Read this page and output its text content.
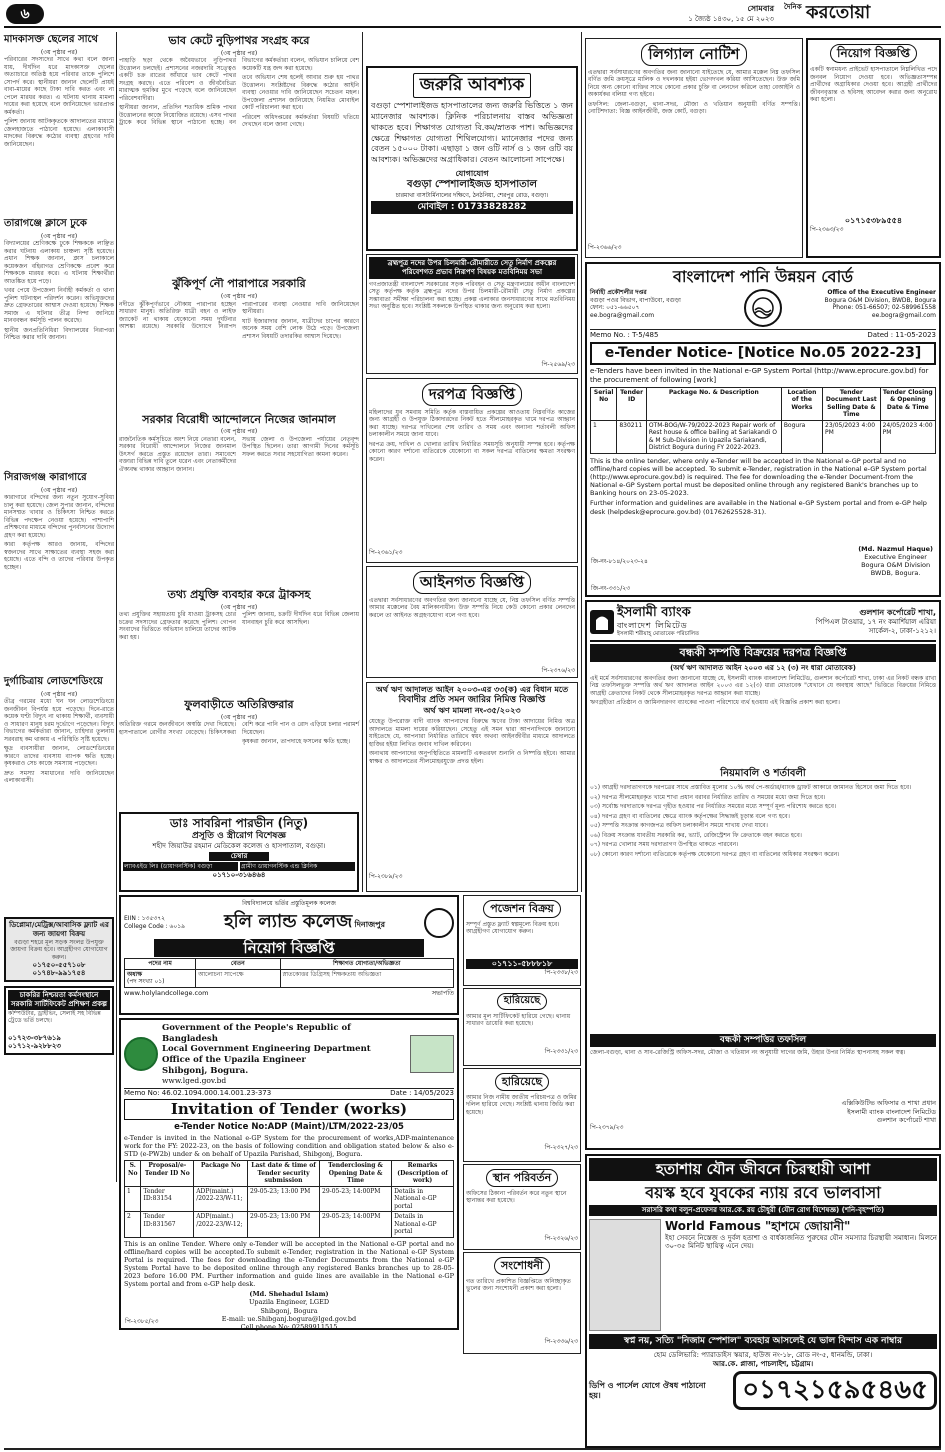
৬	সোমবার
১ জ্যৈষ্ঠ ১৪৩০, ১৫ মে ২০২৩
দৈনিক করতোয়া
মাদকাসক্ত ছেলের সাথে
(৩য় পৃষ্ঠার পর)

পরিবারের সদস্যদের সাথে কথা বলে জানা যায়, দীর্ঘদিন ধরে মাদকাসক্ত ছেলের অত্যাচারে অতিষ্ঠ হয়ে পরিবার তাকে পুলিশে সোপর্দ করে। স্থানীয়রা জানান ছেলেটি প্রায়ই বাবা-মায়ের কাছে টাকা দাবি করত এবং না পেলে মারধর করত। এ ঘটনায় থানায় মামলা দায়ের করা হয়েছে বলে জানিয়েছেন ভারপ্রাপ্ত কর্মকর্তা।

পুলিশ জানায় আটককৃতকে আদালতের মাধ্যমে জেলহাজতে পাঠানো হয়েছে। এলাকাবাসী মাদকের বিরুদ্ধে কঠোর ব্যবস্থা গ্রহণের দাবি জানিয়েছেন।

তারাগঞ্জে ক্লাসে ঢুকে
(৩য় পৃষ্ঠার পর)

বিদ্যালয়ের শ্রেণিকক্ষে ঢুকে শিক্ষককে লাঞ্ছিত করার ঘটনায় এলাকায় চাঞ্চল্য সৃষ্টি হয়েছে। প্রধান শিক্ষক জানান, ক্লাস চলাকালে কয়েকজন বহিরাগত শ্রেণিকক্ষে প্রবেশ করে শিক্ষককে মারধর করে। এ ঘটনায় শিক্ষার্থীরা আতঙ্কিত হয়ে পড়ে।

খবর পেয়ে উপজেলা নির্বাহী কর্মকর্তা ও থানা পুলিশ ঘটনাস্থল পরিদর্শন করেন। অভিযুক্তদের দ্রুত গ্রেফতারের আশ্বাস দেওয়া হয়েছে। শিক্ষক সমাজ এ ঘটনার তীব্র নিন্দা জানিয়ে মানববন্ধন কর্মসূচি পালন করেছে।

স্থানীয় জনপ্রতিনিধিরা বিদ্যালয়ের নিরাপত্তা নিশ্চিত করার দাবি জানান।

সিরাজগঞ্জ কারাগারে
(৩য় পৃষ্ঠার পর)

কারাগারে বন্দিদের জন্য নতুন সুযোগ-সুবিধা চালু করা হয়েছে। জেল সুপার জানান, বন্দিদের মানসম্মত খাবার ও চিকিৎসা নিশ্চিত করতে বিভিন্ন পদক্ষেপ নেওয়া হয়েছে। পাশাপাশি প্রশিক্ষণের মাধ্যমে বন্দিদের পুনর্বাসনের উদ্যোগ গ্রহণ করা হয়েছে।

কারা কর্তৃপক্ষ আরও জানায়, বন্দিদের স্বজনদের সাথে সাক্ষাতের ব্যবস্থা সহজ করা হয়েছে। এতে বন্দি ও তাদের পরিবার উপকৃত হচ্ছেন।

দুর্গাচিত্রায় লোডশেডিংয়ে
(৩য় পৃষ্ঠার পর)

তীব্র গরমের মধ্যে ঘন ঘন লোডশেডিংয়ে জনজীবন বিপর্যস্ত হয়ে পড়েছে। দিনে-রাতে কয়েক ঘণ্টা বিদ্যুৎ না থাকায় শিক্ষার্থী, ব্যবসায়ী ও সাধারণ মানুষ চরম দুর্ভোগে পড়েছেন। বিদ্যুৎ বিভাগের কর্মকর্তারা জানান, চাহিদার তুলনায় সরবরাহ কম থাকায় এ পরিস্থিতি সৃষ্টি হয়েছে।

ক্ষুদ্র ব্যবসায়ীরা জানান, লোডশেডিংয়ের কারণে তাদের ব্যবসায় ব্যাপক ক্ষতি হচ্ছে। কৃষকরাও সেচ কাজে সমস্যায় পড়েছেন।

দ্রুত সমস্যা সমাধানের দাবি জানিয়েছেন এলাকাবাসী।

ডিপ্লোমা/মেট্রিক্স/আবাসিক ফ্ল্যাট এর জন্য জায়গা বিক্রয়
বগুড়া শহরে মূল সড়ক সংলগ্ন উপযুক্ত জায়গা বিক্রয় হবে। আগ্রহীগণ যোগাযোগ করুন।
০১৭৫০-৫৫৭১০৮
০১৭৪৮-৯৯১৭৫৪
চাকরির নিশ্চয়তা কর্মসংস্থানে সরকারি সার্টিফিকেট প্রশিক্ষণ প্রকল্প
কম্পিউটার, ড্রাইভিং, সেলাই সহ বিভিন্ন ট্রেডে ভর্তি চলছে।
০১৭২৩-৩৮৭৬১৯
০১৭১২-৯২৮৮২৩
ভাব কেটে নুড়িপাথর সংগ্রহ করে
(৩য় পৃষ্ঠার পর)

পাহাড়ি ছড়া থেকে অবৈধভাবে নুড়িপাথর উত্তোলন চলছেই। প্রশাসনের নজরদারি সত্ত্বেও একটি চক্র রাতের আঁধারে ভাব কেটে পাথর সংগ্রহ করছে। এতে পরিবেশ ও জীববৈচিত্র্য মারাত্মক হুমকির মুখে পড়েছে বলে জানিয়েছেন পরিবেশবাদীরা।

স্থানীয়রা জানান, প্রতিদিন শতাধিক শ্রমিক পাথর উত্তোলনের কাজে নিয়োজিত রয়েছে। এসব পাথর ট্রাকে করে বিভিন্ন স্থানে পাঠানো হচ্ছে। বন বিভাগের কর্মকর্তারা বলেন, অভিযান চালিয়ে বেশ কয়েকটি যন্ত্র জব্দ করা হয়েছে।

তবে অভিযান শেষ হলেই আবার শুরু হয় পাথর উত্তোলন। সংশ্লিষ্টদের বিরুদ্ধে কঠোর আইনি ব্যবস্থা নেওয়ার দাবি জানিয়েছেন সচেতন মহল। উপজেলা প্রশাসন জানিয়েছে নিয়মিত মোবাইল কোর্ট পরিচালনা করা হবে।

পরিবেশ অধিদপ্তরের কর্মকর্তারা বিষয়টি খতিয়ে দেখছেন বলে জানা গেছে।

ঝুঁকিপূর্ণ নৌ পারাপারে সরকারি
(৩য় পৃষ্ঠার পর)

নদীতে ঝুঁকিপূর্ণভাবে নৌকায় পারাপার হচ্ছেন সাধারণ মানুষ। অতিরিক্ত যাত্রী বহন ও লাইফ জ্যাকেট না থাকায় যেকোনো সময় দুর্ঘটনার আশঙ্কা রয়েছে। সরকারি উদ্যোগে নিরাপদ পারাপারের ব্যবস্থা নেওয়ার দাবি জানিয়েছেন স্থানীয়রা।

ঘাট ইজারাদার জানান, যাত্রীদের চাপের কারণে অনেক সময় বেশি লোক উঠে পড়ে। উপজেলা প্রশাসন বিষয়টি তদারকির আশ্বাস দিয়েছে।

সরকার বিরোধী আন্দোলনে নিজের জানমাল
(৩য় পৃষ্ঠার পর)

রাজনৈতিক কর্মসূচিতে অংশ নিয়ে নেতারা বলেন, সরকার বিরোধী আন্দোলনে নিজের জানমাল উৎসর্গ করতে প্রস্তুত রয়েছেন তারা। সমাবেশে বক্তারা বিভিন্ন দাবি তুলে ধরেন এবং নেতাকর্মীদের ঐক্যবদ্ধ থাকার আহ্বান জানান।

সভায় জেলা ও উপজেলা পর্যায়ের নেতৃবৃন্দ উপস্থিত ছিলেন। তারা আগামী দিনের কর্মসূচি সফল করতে সবার সহযোগিতা কামনা করেন।

তথ্য প্রযুক্তি ব্যবহার করে ট্রাকসহ
(৩য় পৃষ্ঠার পর)

তথ্য প্রযুক্তির সহায়তায় চুরি যাওয়া ট্রাকসহ চোর চক্রের সদস্যদের গ্রেফতার করেছে পুলিশ। গোপন সংবাদের ভিত্তিতে অভিযান চালিয়ে তাদের আটক করা হয়।

পুলিশ জানায়, চক্রটি দীর্ঘদিন ধরে বিভিন্ন জেলায় যানবাহন চুরি করে আসছিল।

ফুলবাড়ীতে অতিরিক্তরার
(৩য় পৃষ্ঠার পর)

অতিরিক্ত গরমে জনজীবনে অস্বস্তি দেখা দিয়েছে। হাসপাতালে রোগীর সংখ্যা বেড়েছে। চিকিৎসকরা বেশি করে পানি পান ও রোদ এড়িয়ে চলার পরামর্শ দিয়েছেন।

কৃষকরা জানান, তাপদাহে ফসলের ক্ষতি হচ্ছে।

ডাঃ সাবরিনা পারভীন (নিতু)
প্রসূতি ও স্ত্রীরোগ বিশেষজ্ঞ
শহীদ জিয়াউর রহমান মেডিকেল কলেজ ও হাসপাতাল, বগুড়া।
চেম্বার
ল্যাবএইড লিঃ (ডায়াগনস্টিক) বগুড়া	গ্রামীণ ডায়াগনস্টিক এন্ড ক্লিনিক
০১৭১০-৩১৬৪৬৪
জরুরি আবশ্যক
বগুড়া স্পেশালাইজড হাসপাতালের জন্য জরুরি ভিত্তিতে ১ জন ম্যানেজার আবশ্যক। ক্লিনিক পরিচালনায় বাস্তব অভিজ্ঞতা থাকতে হবে। শিক্ষাগত যোগ্যতা বি.কম/স্নাতক পাশ। অভিজ্ঞদের ক্ষেত্রে শিক্ষাগত যোগ্যতা শিথিলযোগ্য। ম্যানেজার পদের জন্য বেতন ১৫০০০ টাকা। এছাড়া ১ জন ওটি নার্স ও ১ জন ওটি বয় আবশ্যক। অভিজ্ঞদের অগ্রাধিকার। বেতন আলোচনা সাপেক্ষে।
যোগাযোগ
বগুড়া স্পেশালাইজড হাসপাতাল
চারমাথা বাসটার্মিনালের দক্ষিণে, ঠনঠনিয়া, শেরপুর রোড, বগুড়া।
মোবাইল : 01733828282
ব্রহ্মপুত্র নদের উপর চিলমারী-রৌমারীতে সেতু নির্মাণ প্রকল্পের পরিবেশগত প্রভাব নিরূপণ বিষয়ক মতবিনিময় সভা

গণপ্রজাতন্ত্রী বাংলাদেশ সরকারের সড়ক পরিবহন ও সেতু মন্ত্রণালয়ের অধীন বাংলাদেশ সেতু কর্তৃপক্ষ কর্তৃক ব্রহ্মপুত্র নদের উপর চিলমারী-রৌমারী সেতু নির্মাণ প্রকল্পের সম্ভাব্যতা সমীক্ষা পরিচালনা করা হচ্ছে। প্রকল্প এলাকার জনসাধারণের সাথে মতবিনিময় সভা অনুষ্ঠিত হবে। সংশ্লিষ্ট সকলকে উপস্থিত থাকার জন্য অনুরোধ করা হলো।

পি-২৫৬৯/২৩
দরপত্র বিজ্ঞপ্তি

মহিলাদের যুব সমবায় সমিতি কর্তৃক বাস্তবায়িত প্রকল্পের আওতায় নিম্নবর্ণিত কাজের জন্য আগ্রহী ও উপযুক্ত ঠিকাদারদের নিকট হতে সীলমোহরকৃত খামে দরপত্র আহ্বান করা যাচ্ছে। দরপত্র দাখিলের শেষ তারিখ ও সময় এবং অন্যান্য শর্তাবলী অফিস চলাকালীন সময়ে জানা যাবে।

দরপত্র ক্রয়, দাখিল ও খোলার তারিখ নির্ধারিত সময়সূচি অনুযায়ী সম্পন্ন হবে। কর্তৃপক্ষ কোনো কারণ দর্শানো ব্যতিরেকে যেকোনো বা সকল দরপত্র বাতিলের ক্ষমতা সংরক্ষণ করেন।

পি-২৩৬১/২৩
আইনগত বিজ্ঞপ্তি

এতদ্বারা সর্বসাধারণের অবগতির জন্য জানানো যাচ্ছে যে, নিম্ন তফসিল বর্ণিত সম্পত্তি আমার মক্কেলের বৈধ মালিকানাধীন। উক্ত সম্পত্তি নিয়ে কেউ কোনো প্রকার লেনদেন করলে তা আইনত অগ্রহণযোগ্য বলে গণ্য হবে।

পি-২৩৭৬/২৩
অর্থ ঋণ আদালত আইন ২০০৩-এর ৩৩(ক) এর বিধান মতে
বিবাদীর প্রতি সমন জারির নিমিত্ত বিজ্ঞপ্তি
অর্থ ঋণ মামলা নং-৩৫/২০২৩

যেহেতু উপরোক্ত বাদী ব্যাংক আপনাদের বিরুদ্ধে ঋণের টাকা আদায়ের নিমিত্ত অত্র আদালতে মামলা দায়ের করিয়াছেন। সেহেতু এই সমন দ্বারা আপনাদিগকে জানানো যাইতেছে যে, আপনারা নির্ধারিত তারিখে স্বয়ং অথবা আইনজীবীর মাধ্যমে আদালতে হাজির হইয়া লিখিত জবাব দাখিল করিবেন।

অন্যথায় আপনাদের অনুপস্থিতিতে মামলাটি একতরফা শুনানি ও নিষ্পত্তি হইবে। আমার স্বাক্ষর ও আদালতের সীলমোহরযুক্তে প্রদত্ত হইল।

পি-২৩৮৯/২৩
লিগ্যাল নোটিশ

এতদ্বারা সর্বসাধারণের অবগতির জন্য জানানো যাইতেছে যে, আমার মক্কেল নিম্ন তফসিল বর্ণিত জমি ক্রয়সূত্রে মালিক ও দখলকার হইয়া ভোগদখল করিয়া আসিতেছেন। উক্ত জমি নিয়ে অন্য কোনো ব্যক্তির সাথে কোনো প্রকার চুক্তি বা লেনদেন করিলে তাহা বেআইনি ও অকার্যকর বলিয়া গণ্য হইবে।

তফসিল: জেলা-বগুড়া, থানা-সদর, মৌজা ও খতিয়ান অনুযায়ী বর্ণিত সম্পত্তি। নোটিশদাতা: বিজ্ঞ আইনজীবী, জজ কোর্ট, বগুড়া।

পি-২৩৬৬/২৩
নিয়োগ বিজ্ঞপ্তি

একটি স্বনামধন্য প্রাইভেট হাসপাতালে নিম্নলিখিত পদে জনবল নিয়োগ দেওয়া হবে। অভিজ্ঞতাসম্পন্ন প্রার্থীদের অগ্রাধিকার দেওয়া হবে। আগ্রহী প্রার্থীদের জীবনবৃত্তান্ত ও ছবিসহ আবেদন করার জন্য অনুরোধ করা হলো।

০১৭১৫৩৮৯৫৫৪
পি-২৩৬৩/২৩
বাংলাদেশ পানি উন্নয়ন বোর্ড
নির্বাহী প্রকৌশলীর দপ্তর
বগুড়া পওর বিভাগ, বাপাউবো, বগুড়া
ফোন: ০৫১-৬৬৫০৭
ee.bogra@gmail.com
Office of the Executive Engineer
Bogura O&M Division, BWDB, Bogura
Phone: 051-66507; 02-589961558
ee.bogra@gmail.com
Memo No. : T-5/485	Dated : 11-05-2023
e-Tender Notice- [Notice No.05 2022-23]
e-Tenders have been invited in the National e-GP System Portal (http://www.eprocure.gov.bd) for the procurement of following [work]
Serial No	Tender ID	Package No. & Description	Location of the Works	Tender Document Last Selling Date & Time	Tender Closing & Opening Date & Time
1	830211	OTM-BOG/W-79/2022-2023 Repair work of Rest house & office bailing at Sariakandi O & M Sub-Division in Upazila Sariakandi, District Bogura during FY 2022-2023.	Bogura	23/05/2023 4:00 PM	24/05/2023 4:00 PM
This is the online tender, where only e-Tender will be accepted in the National e-GP portal and no offline/hard copies will be accepted. To submit e-Tender, registration in the National e-GP System portal (http://www.eprocure.gov.bd) is required. The fee for downloading the e-Tender Document-from the National e-GP System portal must be deposited online through any registered Bank's branches up to Banking hours on 23-05-2023.
Further information and guidelines are available in the National e-GP System portal and from e-GP help desk (helpdesk@eprocure.gov.bd) (01762625528-31).
(Md. Nazmul Haque)
Executive Engineer
Bogura O&M Division
BWDB, Bogura.
জি-নং-৮১৪/২০২৩-২৪
জি-নং-৩৩১/২৩
ইসলামী ব্যাংক
বাংলাদেশ লিমিটেড
ইসলামী শরীয়াহ্ মোতাবেক পরিচালিত
গুলশান কর্পোরেট শাখা,
পিপিএল টাওয়ার, ১৭ নং কমার্শিয়াল এরিয়া
সার্কেল-২, ঢাকা-১২১২।
বন্ধকী সম্পত্তি বিক্রয়ের দরপত্র বিজ্ঞপ্তি
(অর্থ ঋণ আদালত আইন ২০০৩ এর ১২ (৩) নং ধারা মোতাবেক)

এই মর্মে সর্বসাধারণের অবগতির জন্য জানানো যাচ্ছে যে, ইসলামী ব্যাংক বাংলাদেশ লিমিটেড, গুলশান কর্পোরেট শাখা, ঢাকা এর নিকট বন্ধক রাখা নিম্ন তফসিলভুক্ত সম্পত্তি অর্থ ঋণ আদালত আইন ২০০৩ এর ১২(৩) ধারা মোতাবেক "যেখানে যে অবস্থায় আছে" ভিত্তিতে বিক্রয়ের নিমিত্তে আগ্রহী ক্রেতাদের নিকট থেকে সীলমোহরকৃত দরপত্র আহ্বান করা যাচ্ছে।

ঋণগ্রহীতা প্রতিষ্ঠান ও জামিনদারগণ ব্যাংকের পাওনা পরিশোধে ব্যর্থ হওয়ায় এই বিজ্ঞপ্তি প্রকাশ করা হলো।

নিয়মাবলি ও শর্তাবলী

০১) আগ্রহী দরদাতাগণকে দরপত্রের সাথে প্রস্তাবিত মূল্যের ১০% অর্থ পে-অর্ডার/ব্যাংক ড্রাফট আকারে জামানত হিসেবে জমা দিতে হবে।

০২) দরপত্র সীলমোহরকৃত খামে শাখা প্রধান বরাবর নির্ধারিত তারিখ ও সময়ের মধ্যে জমা দিতে হবে।

০৩) সর্বোচ্চ দরদাতাকে দরপত্র গৃহীত হওয়ার পর নির্ধারিত সময়ের মধ্যে সম্পূর্ণ মূল্য পরিশোধ করতে হবে।

০৪) দরপত্র গ্রহণ বা বাতিলের ক্ষেত্রে ব্যাংক কর্তৃপক্ষের সিদ্ধান্তই চূড়ান্ত বলে গণ্য হবে।

০৫) সম্পত্তি সংক্রান্ত কাগজপত্র অফিস চলাকালীন সময়ে শাখায় দেখা যাবে।

০৬) বিক্রয় সংক্রান্ত যাবতীয় সরকারি কর, ভ্যাট, রেজিস্ট্রেশন ফি ক্রেতাকে বহন করতে হবে।

০৭) দরপত্র খোলার সময় দরদাতাগণ উপস্থিত থাকতে পারবেন।

০৮) কোনো কারণ দর্শানো ব্যতিরেকে কর্তৃপক্ষ যেকোনো দরপত্র গ্রহণ বা বাতিলের অধিকার সংরক্ষণ করেন।

বন্ধকী সম্পত্তির তফসিল

জেলা-বগুড়া, থানা ও সাব-রেজিস্ট্রি অফিস-সদর, মৌজা ও খতিয়ান নং অনুযায়ী দাগের জমি, উহার উপর নির্মিত স্থাপনাসহ সকল স্বত্ব।

এক্সিকিউটিভ অফিসার ও শাখা প্রধান
ইসলামী ব্যাংক বাংলাদেশ লিমিটেড
গুলশান কর্পোরেট শাখা
পি-২৩৭৯/২৩
বিশ্ববিদ্যালয়ে ভর্তির প্রস্তুতিমূলক কলেজ
EIIN : ১৩৫৩৭২
College Code : ৬০১৯ হলি ল্যান্ড কলেজ দিনাজপুর
নিয়োগ বিজ্ঞপ্তি
পদের নাম	বেতন	শিক্ষাগত যোগ্যতা/অভিজ্ঞতা
অধ্যক্ষ
(পদ সংখ্যা ০১)	আলোচনা সাপেক্ষে	স্নাতকোত্তর ডিগ্রিসহ শিক্ষকতায় অভিজ্ঞতা
www.holylandcollege.com	সভাপতি
Government of the People's Republic of Bangladesh
Local Government Engineering Department
Office of the Upazila Engineer
Shibgonj, Bogura.
www.lged.gov.bd
Memo No: 46.02.1094.000.14.001.23-373	Date : 14/05/2023
Invitation of Tender (works)
e-Tender Notice No:ADP (Maint)/LTM/2022-23/05
e-Tender is invited in the National e-GP System for the procurement of works,ADP-maintenance work for the FY: 2022-23, on the basis of following condition and obligation stated below & also e-STD (e-PW2b) under & on behalf of Upazila Parishad, Shibgonj, Bogura.
S. No	Proposal/e-Tender ID No	Package No	Last date & time of Tender security submission	Tenderclosing & Opening Date & Time	Remarks (Description of work)
1	Tender ID:83154	ADP(maint.) /2022-23/W-11;	29-05-23; 13:00 PM	29-05-23; 14:00PM	Details in National e-GP portal
2	Tender ID:831567	ADP(maint.) /2022-23/W-12;	29-05-23; 13:00 PM	29-05-23; 14:00PM	Details in National e-GP portal
This is an online Tender. Where only e-Tender will be accepted in the National e-GP portal and no offline/hard copies will be accepted.To submit e-Tender, registration in the National e-GP System Portal is required. The fees for downloading the e-Tender Documents from the National e-GP System Portal have to be deposited online through any registered Banks branches up to 28-05-2023 before 16.00 PM. Further information and guide lines are available in the National e-GP System portal and from e-GP help desk.
(Md. Shehadul Islam)
Upazila Engineer, LGED
Shibgonj, Bogura
E-mail: ue.Shibganj.bogura@lged.gov.bd
Cell phone No: 02589911515
পি-২৩৮৫/২৩
পজেশন বিক্রয়
সম্পূর্ণ প্রস্তুত ফ্ল্যাট স্বল্পমূল্যে বিক্রয় হবে। আগ্রহীগণ যোগাযোগ করুন।
০১৭১১-৫৮৮৮১৮
পি-২৩৩৮/২৩
হারিয়েছে
আমার মূল সার্টিফিকেট হারিয়ে গেছে। থানায় সাধারণ ডায়েরি করা হয়েছে।
পি-২৩৩১/২৩
হারিয়েছে
আমার নিজ নামীয় জাতীয় পরিচয়পত্র ও জমির দলিল হারিয়ে গেছে। সংশ্লিষ্ট থানায় জিডি করা হয়েছে।
পি-২৩২৭/২৩
স্থান পরিবর্তন
অফিসের ঠিকানা পরিবর্তন করে নতুন স্থানে স্থানান্তর করা হয়েছে।
পি-২৩২৬/২৩
সংশোধনী
গত তারিখে প্রকাশিত বিজ্ঞপ্তিতে অনিচ্ছাকৃত ভুলের জন্য সংশোধনী প্রকাশ করা হলো।
পি-২৩৩৬/২৩
হতাশায় যৌন জীবনে চিরস্থায়ী আশা
বয়স্ক হবে যুবকের ন্যায় রবে ভালবাসা
সরাসরি কথা বলুন-প্রফেসর আর.কে. রয় চৌধুরী (যৌন রোগ বিশেষজ্ঞ) (শনি-বৃহস্পতি)
World Famous "হাশমে জোয়ানী"
ইহা সেবনে নিস্তেজ ও দুর্বল হতাশা ও বার্ধক্যজনিত পুরুষের যৌন সমস্যার চিরস্থায়ী সমাধান। মিলনে ৩০-৩৫ মিনিট স্থায়িত্ব এনে দেয়।
স্বপ্ন নয়, সত্যি "নিজাম স্পেশাল" ব্যবহার আসলেই যে ভাল বিন্দাস এক নাম্বার
হোম ডেলিভারি: প্যারাডাইস স্কয়ার, হাউজ নং-১৮, রোড নং-৫, ধানমন্ডি, ঢাকা।
আর.কে. প্লাজা, পাচলাইশ, চট্টগ্রাম।
ডিপি ও পার্সেল যোগে ঔষধ পাঠানো হয়।	০১৭২১৫৯৫৪৬৫
